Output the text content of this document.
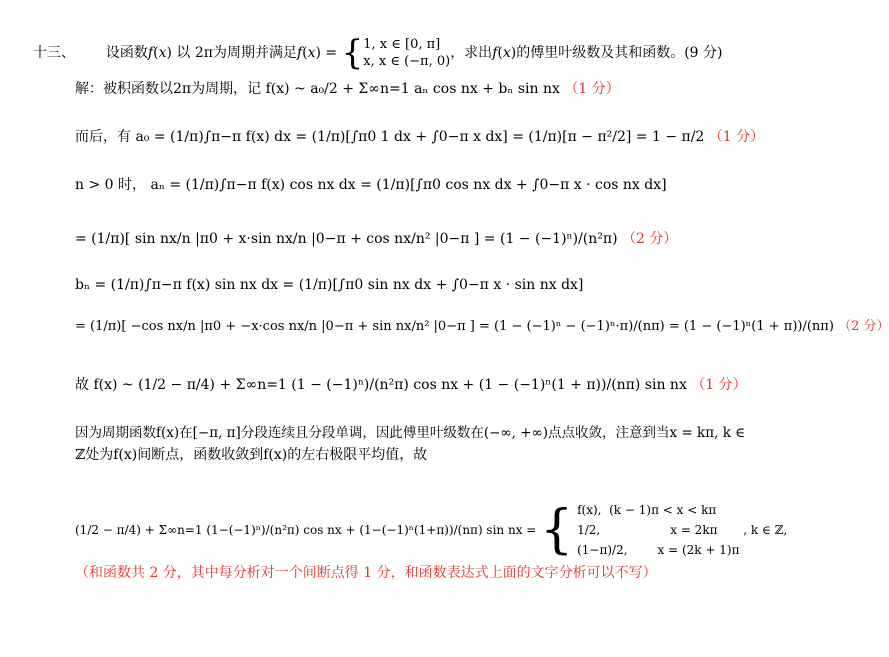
十三、 设函数f(x) 以 2π为周期并满足f(x) = { 1, x ∈ [0, π]
x, x ∈ (−π, 0)
，求出f(x)的傅里叶级数及其和函数。(9 分)
解：被积函数以2π为周期，记 f(x) ~ a₀/2 + Σ∞n=1 aₙ cos nx + bₙ sin nx （1 分）
而后，有 a₀ = (1/π)∫π−π f(x) dx = (1/π)[∫π0 1 dx + ∫0−π x dx] = (1/π)[π − π²/2] = 1 − π/2 （1 分）
n > 0 时， aₙ = (1/π)∫π−π f(x) cos nx dx = (1/π)[∫π0 cos nx dx + ∫0−π x · cos nx dx]
= (1/π)[ sin nx/n |π0 + x·sin nx/n |0−π + cos nx/n² |0−π ] = (1 − (−1)ⁿ)/(n²π) （2 分）
bₙ = (1/π)∫π−π f(x) sin nx dx = (1/π)[∫π0 sin nx dx + ∫0−π x · sin nx dx]
= (1/π)[ −cos nx/n |π0 + −x·cos nx/n |0−π + sin nx/n² |0−π ] = (1 − (−1)ⁿ − (−1)ⁿ·π)/(nπ) = (1 − (−1)ⁿ(1 + π))/(nπ) （2 分）
故 f(x) ~ (1/2 − π/4) + Σ∞n=1 (1 − (−1)ⁿ)/(n²π) cos nx + (1 − (−1)ⁿ(1 + π))/(nπ) sin nx （1 分）
因为周期函数f(x)在[−π, π]分段连续且分段单调，因此傅里叶级数在(−∞, +∞)点点收敛，注意到当x = kπ, k ∈
ℤ处为f(x)间断点，函数收敛到f(x)的左右极限平均值，故
(1/2 − π/4) + Σ∞n=1 (1−(−1)ⁿ)/(n²π) cos nx + (1−(−1)ⁿ(1+π))/(nπ) sin nx = { f(x), (k − 1)π < x < kπ
1/2,	x = 2kπ
(1−π)/2,	x = (2k + 1)π
, k ∈ ℤ,
（和函数共 2 分，其中每分析对一个间断点得 1 分，和函数表达式上面的文字分析可以不写）
